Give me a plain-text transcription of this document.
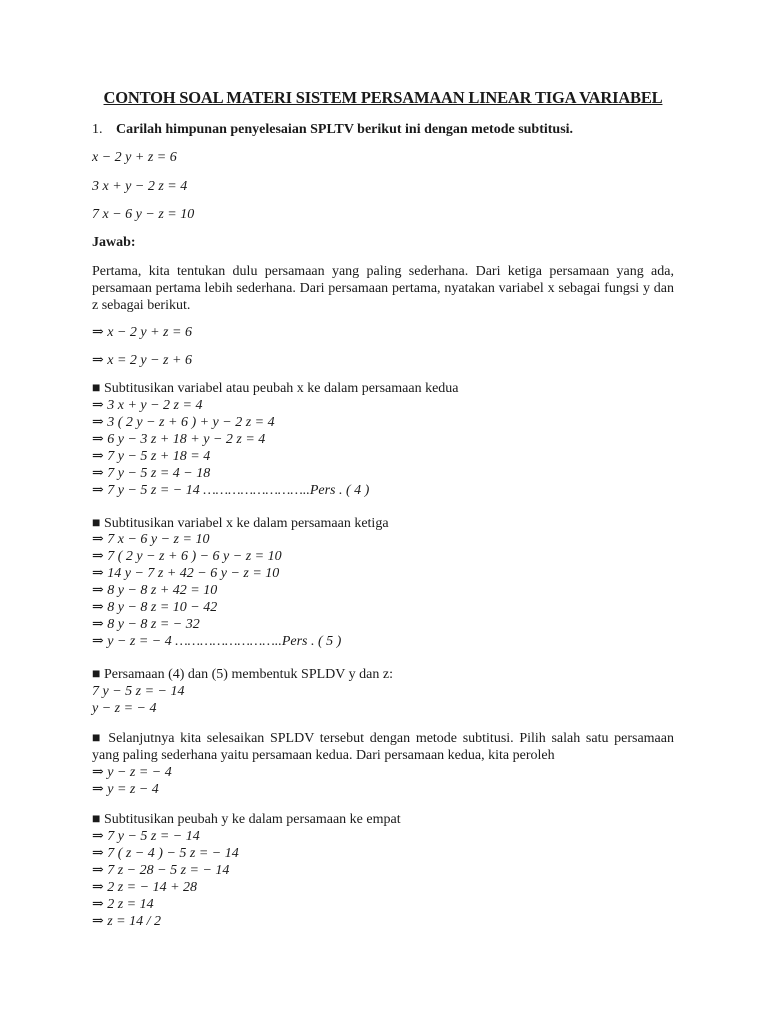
CONTOH SOAL MATERI SISTEM PERSAMAAN LINEAR TIGA VARIABEL
1. Carilah himpunan penyelesaian SPLTV berikut ini dengan metode subtitusi.
x − 2 y + z = 6
3 x + y − 2 z = 4
7 x − 6 y − z = 10
Jawab:
Pertama, kita tentukan dulu persamaan yang paling sederhana. Dari ketiga persamaan yang ada, persamaan pertama lebih sederhana. Dari persamaan pertama, nyatakan variabel x sebagai fungsi y dan z sebagai berikut.
⇒ x − 2 y + z = 6
⇒ x = 2 y − z + 6
■ Subtitusikan variabel atau peubah x ke dalam persamaan kedua
⇒ 3 x + y − 2 z = 4
⇒ 3 ( 2 y − z + 6 ) + y − 2 z = 4
⇒ 6 y − 3 z + 18 + y − 2 z = 4
⇒ 7 y − 5 z + 18 = 4
⇒ 7 y − 5 z = 4 − 18
⇒ 7 y − 5 z = − 14 ……………………..Pers . ( 4 )
■ Subtitusikan variabel x ke dalam persamaan ketiga
⇒ 7 x − 6 y − z = 10
⇒ 7 ( 2 y − z + 6 ) − 6 y − z = 10
⇒ 14 y − 7 z + 42 − 6 y − z = 10
⇒ 8 y − 8 z + 42 = 10
⇒ 8 y − 8 z = 10 − 42
⇒ 8 y − 8 z = − 32
⇒ y − z = − 4 ……………………..Pers . ( 5 )
■ Persamaan (4) dan (5) membentuk SPLDV y dan z:
7 y − 5 z = − 14
y − z = − 4
■ Selanjutnya kita selesaikan SPLDV tersebut dengan metode subtitusi. Pilih salah satu persamaan yang paling sederhana yaitu persamaan kedua. Dari persamaan kedua, kita peroleh
⇒ y − z = − 4
⇒ y = z − 4
■ Subtitusikan peubah y ke dalam persamaan ke empat
⇒ 7 y − 5 z = − 14
⇒ 7 ( z − 4 ) − 5 z = − 14
⇒ 7 z − 28 − 5 z = − 14
⇒ 2 z = − 14 + 28
⇒ 2 z = 14
⇒ z = 14 / 2
